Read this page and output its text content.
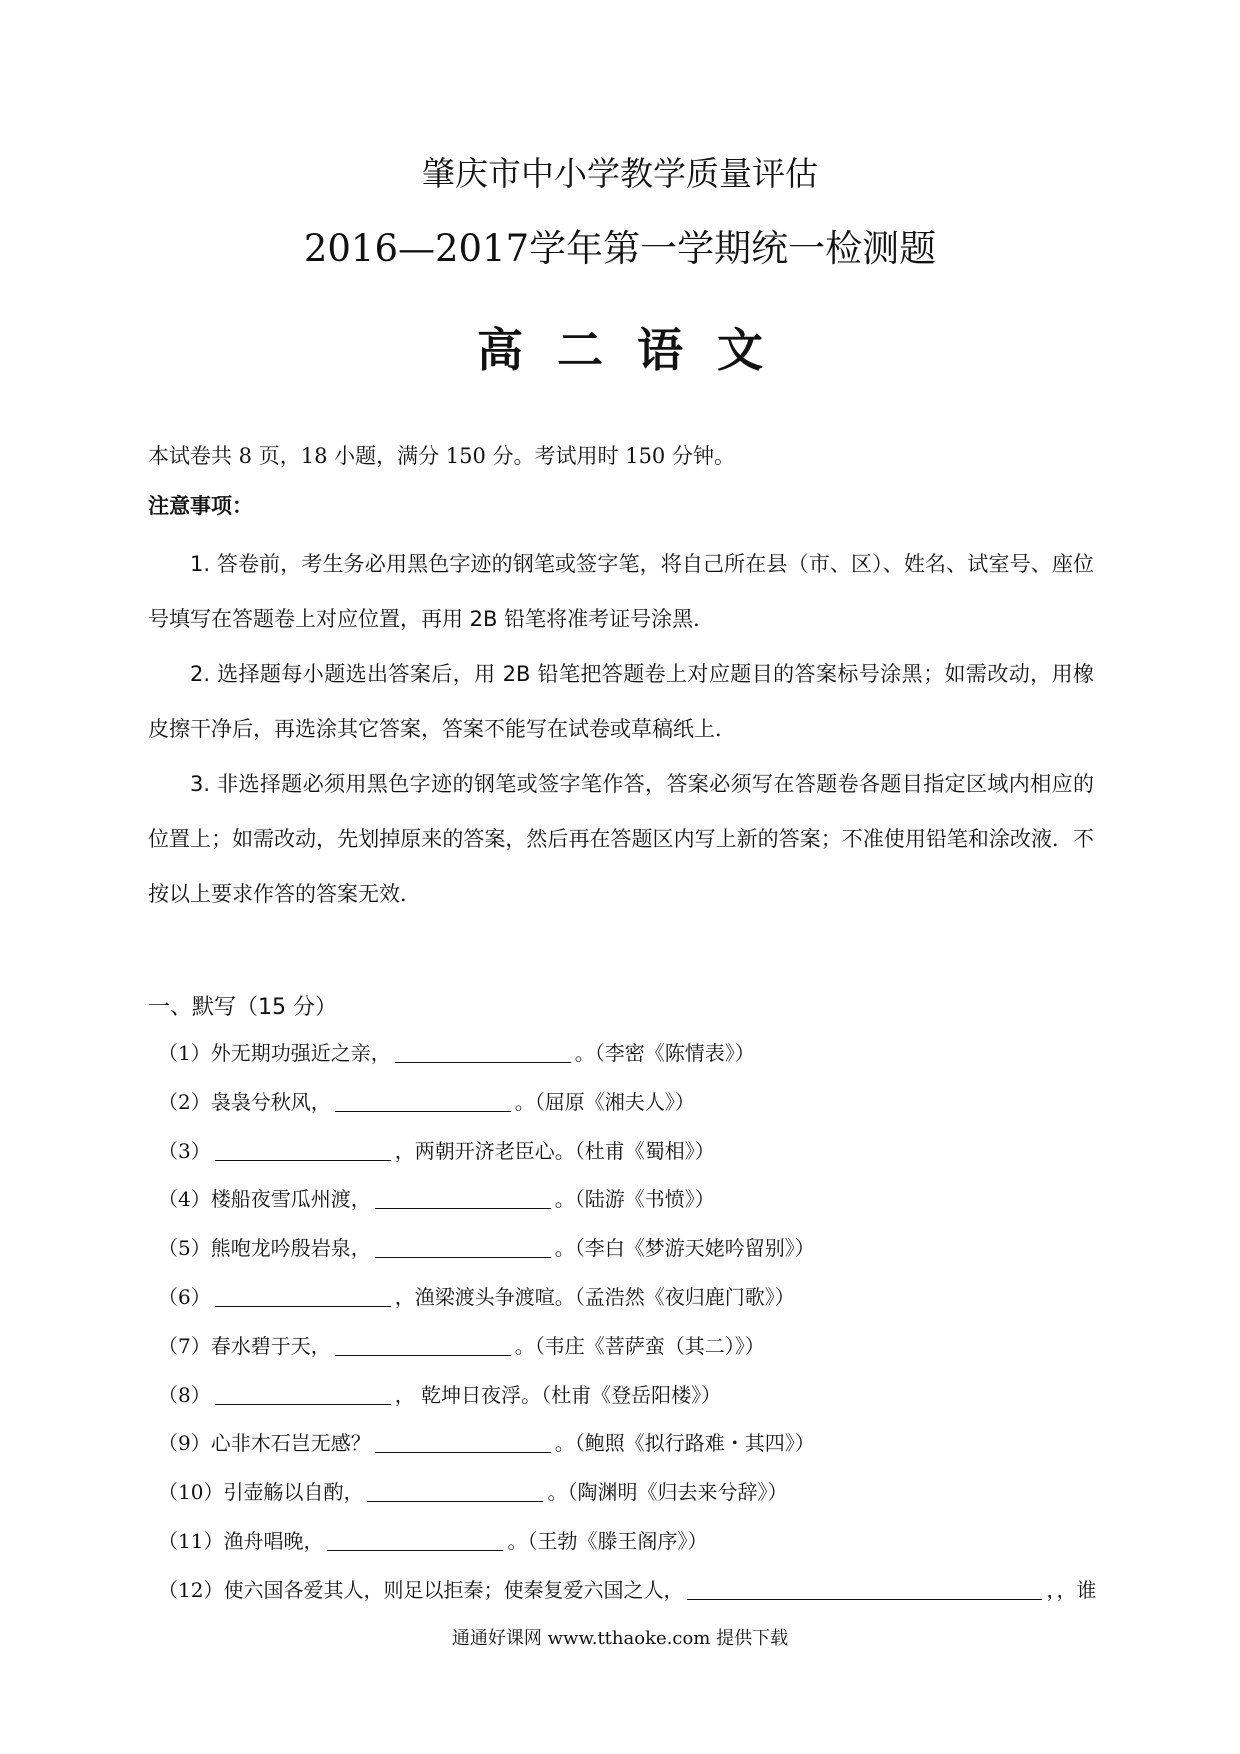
肇庆市中小学教学质量评估
2016—2017学年第一学期统一检测题
高二语文
本试卷共 8 页，18 小题，满分 150 分。考试用时 150 分钟。
注意事项：
1. 答卷前，考生务必用黑色字迹的钢笔或签字笔，将自己所在县（市、区）、姓名、试室号、座位号填写在答题卷上对应位置，再用 2B 铅笔将准考证号涂黑．
2. 选择题每小题选出答案后，用 2B 铅笔把答题卷上对应题目的答案标号涂黑；如需改动，用橡皮擦干净后，再选涂其它答案，答案不能写在试卷或草稿纸上．
3. 非选择题必须用黑色字迹的钢笔或签字笔作答，答案必须写在答题卷各题目指定区域内相应的位置上；如需改动，先划掉原来的答案，然后再在答题区内写上新的答案；不准使用铅笔和涂改液．不按以上要求作答的答案无效．
一、默写（15 分）
（1）外无期功强近之亲，	。（李密《陈情表》）
（2）袅袅兮秋风，	。（屈原《湘夫人》）
（3）	，两朝开济老臣心。（杜甫《蜀相》）
（4）楼船夜雪瓜州渡，	。（陆游《书愤》）
（5）熊咆龙吟殷岩泉，	。（李白《梦游天姥吟留别》）
（6）	，渔梁渡头争渡喧。（孟浩然《夜归鹿门歌》）
（7）春水碧于天，	。（韦庄《菩萨蛮（其二）》）
（8）	， 乾坤日夜浮。（杜甫《登岳阳楼》）
（9）心非木石岂无感？	。（鲍照《拟行路难・其四》）
（10）引壶觞以自酌，	。（陶渊明《归去来兮辞》）
（11）渔舟唱晚，	。（王勃《滕王阁序》）
（12）使六国各爱其人，则足以拒秦；使秦复爱六国之人，	，，谁
通通好课网 www.tthaoke.com 提供下载
